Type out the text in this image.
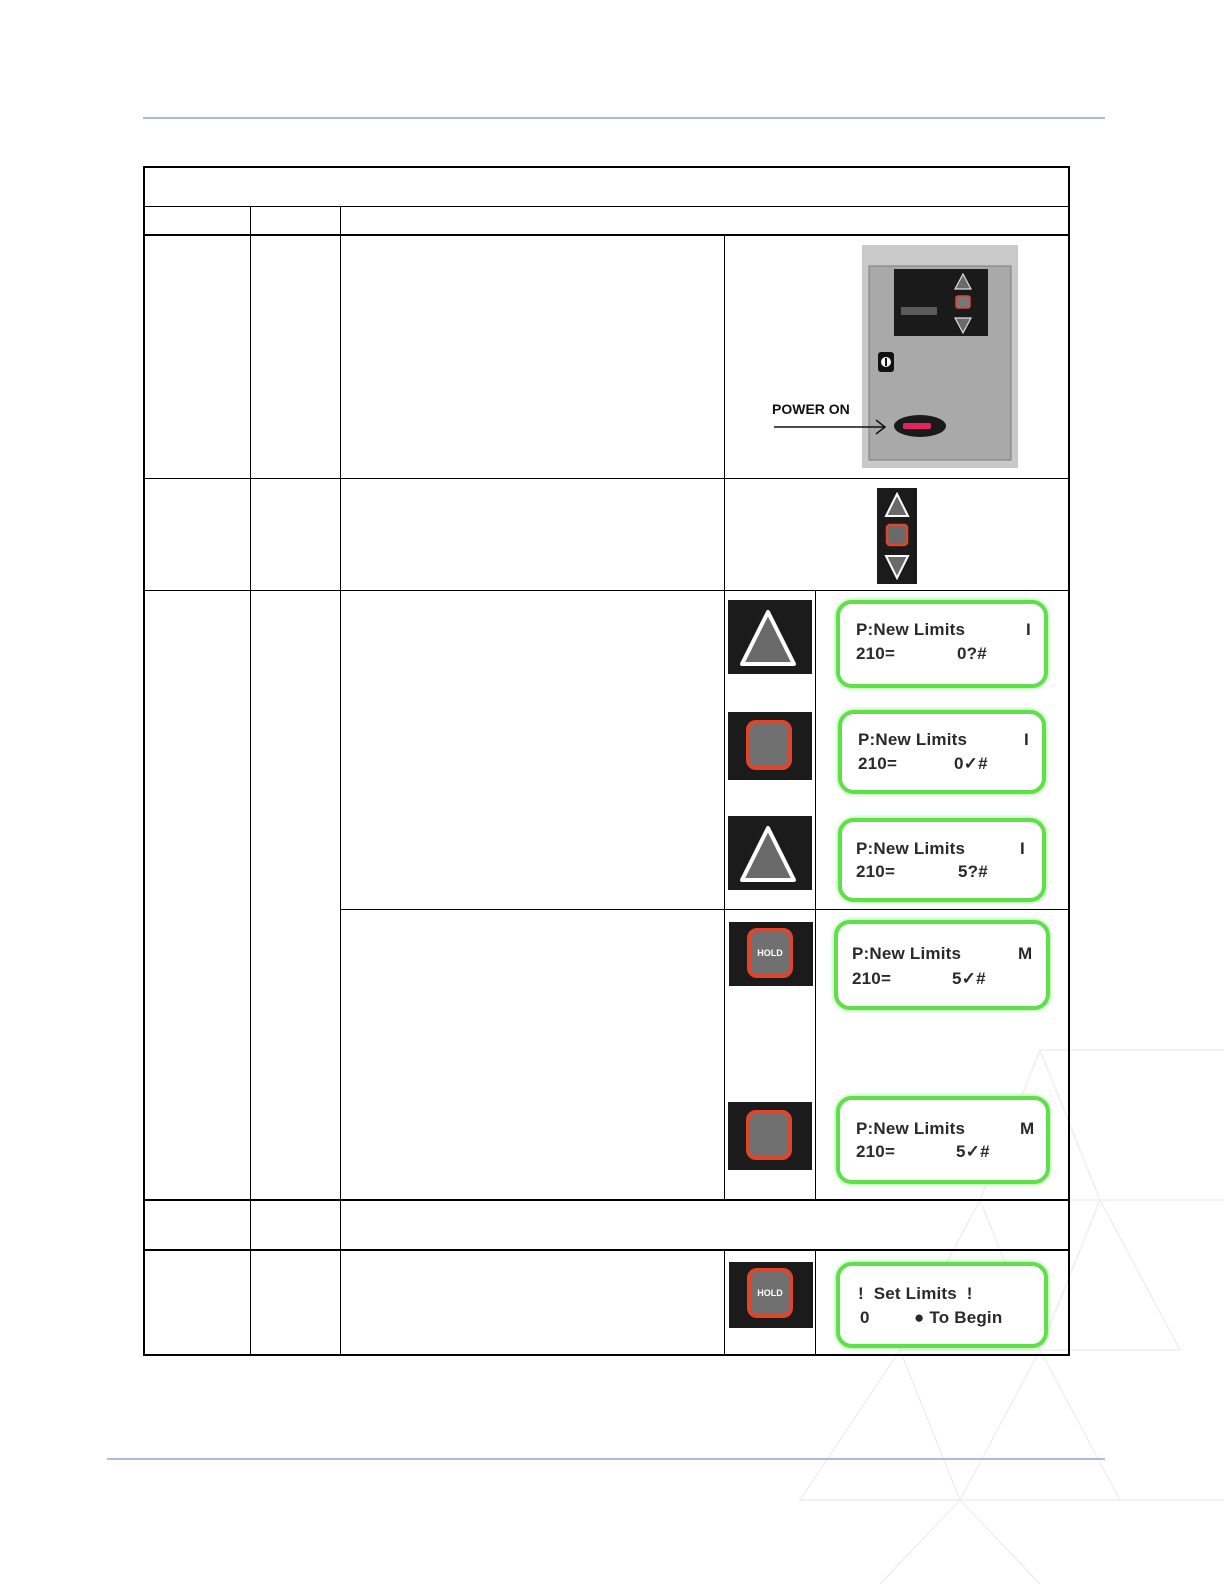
POWER ON
HOLD
HOLD
P:New Limits	I
210=	0?#
P:New Limits	I
210=	0✓#
P:New Limits	I
210=	5?#
P:New Limits	M
210=	5✓#
P:New Limits	M
210=	5✓#
!  Set Limits  !
0	● To Begin
